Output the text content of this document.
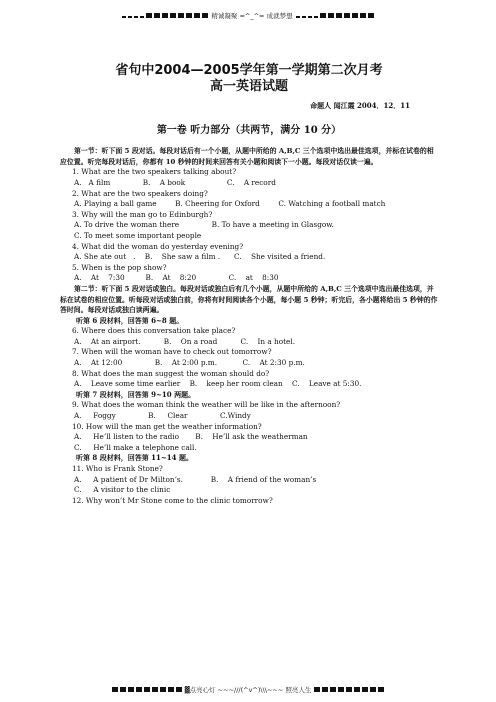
精诚凝聚 =^_^= 成就梦想
省句中2004—2005学年第一学期第二次月考
高一英语试题
命题人 闻江霞 2004．12．11
第一卷 听力部分（共两节，满分 10 分）
第一节：听下面 5 段对话。每段对话后有一个小题，从题中所给的 A,B,C 三个选项中选出最佳选项，并标在试卷的相应位置。听完每段对话后，你都有 10 秒钟的时间来回答有关小题和阅读下一小题。每段对话仅读一遍。
1. What are the two speakers talking about?
A.   A film              B.    A book                  C.    A record
2. What are the two speakers doing?
A. Playing a ball game        B. Cheering for Oxford        C. Watching a football match
3. Why will the man go to Edinburgh?
A. To drive the woman there              B. To have a meeting in Glasgow.
C. To meet some important people
4. What did the woman do yesterday evening?
A. She ate out   .    B.    She saw a film .      C.    She visited a friend.
5. When is the pop show?
A.    At    7:30         B.    At    8:20              C.    at    8:30
第二节：听下面 5 段对话或独白。每段对话或独白后有几个小题，从题中所给的 A,B,C 三个选项中选出最佳选项，并标在试卷的相应位置。听每段对话或独白前，你将有时间阅读各个小题，每小题 5 秒钟；听完后，各小题将给出 5 秒钟的作答时间。每段对话或独白读两遍。
听第 6 段材料，回答第 6~8 题。
6. Where does this conversation take place?
A.    At an airport.          B.    On a road          C.    In a hotel.
7. When will the woman have to check out tomorrow?
A.    At 12:00              B.    At 2:00 p.m.           C.    At 2:30 p.m.
8. What does the man suggest the woman should do?
A.    Leave some time earlier    B.    keep her room clean    C.    Leave at 5:30.
听第 7 段材料，回答第 9~10 两题。
9. What does the woman think the weather will be like in the afternoon?
A.     Foggy              B.     Clear              C.Windy
10. How will the man get the weather information?
A.     He’ll listen to the radio       B.    He’ll ask the weatherman
C.     He’ll make a telephone call.
听第 8 段材料，回答第 11~14 题。
11. Who is Frank Stone?
A.     A patient of Dr Milton’s.            B.    A friend of the woman’s
C.     A visitor to the clinic
12. Why won’t Mr Stone come to the clinic tomorrow?
▓点亮心灯 ~~~///(^v^)\\\~~~ 照亮人生
